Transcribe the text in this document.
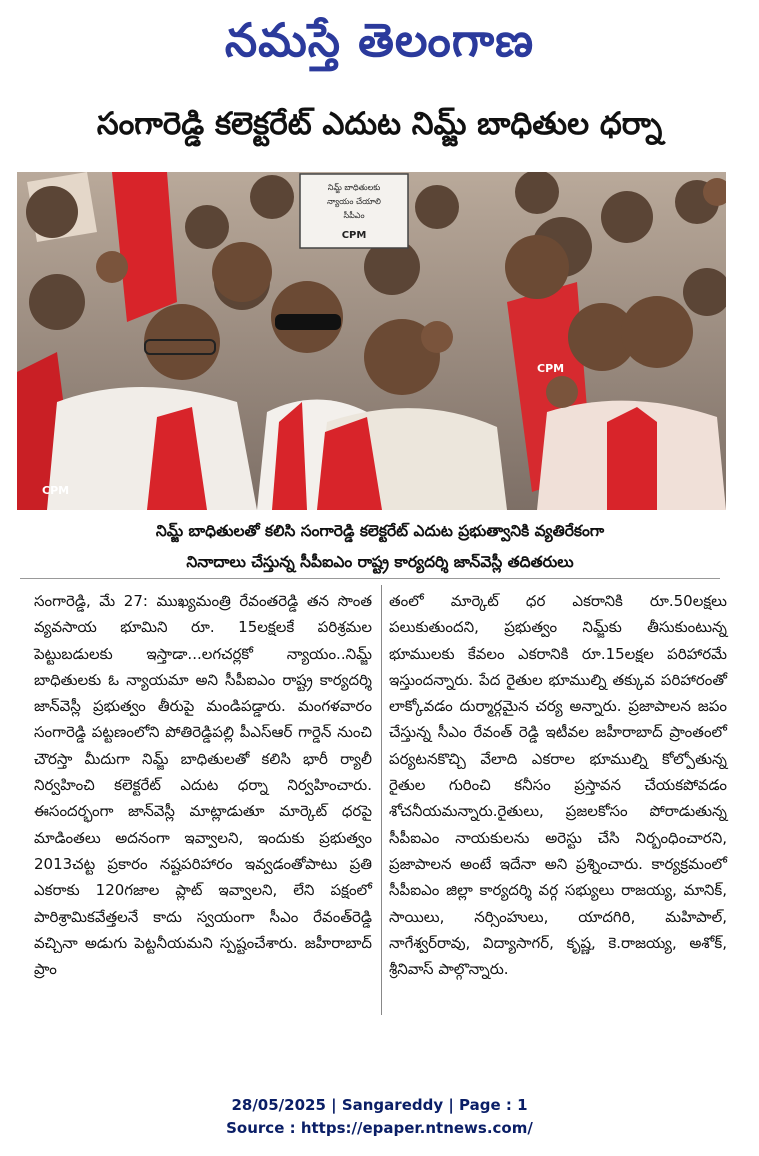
నమస్తే తెలంగాణ
సంగారెడ్డి కలెక్టరేట్ ఎదుట నిమ్జ్ బాధితుల ధర్నా
నిమ్జ్ బాధితులకు
న్యాయం చేయాలి
సీపీఎం
CPM
CPM
CPM
నిమ్జ్ బాధితులతో కలిసి సంగారెడ్డి కలెక్టరేట్ ఎదుట ప్రభుత్వానికి వ్యతిరేకంగా
నినాదాలు చేస్తున్న సీపీఐఎం రాష్ట్ర కార్యదర్శి జాన్‌వెస్లీ తదితరులు
సంగారెడ్డి, మే 27: ముఖ్యమంత్రి రేవంతరెడ్డి తన సొంత వ్యవసాయ భూమిని రూ. 15లక్షలకే పరిశ్రమల పెట్టుబడులకు ఇస్తాడా...లగచర్లకో న్యాయం..నిమ్జ్ బాధితులకు ఓ న్యాయమా అని సీపీఐఎం రాష్ట్ర కార్యదర్శి జాన్‌వెస్లీ ప్రభుత్వం తీరుపై మండిపడ్డారు. మంగళవారం సంగారెడ్డి పట్టణంలోని పోతిరెడ్డిపల్లి పీఎస్ఆర్ గార్డెన్ నుంచి చౌరస్తా మీదుగా నిమ్జ్ బాధితులతో కలిసి భారీ ర్యాలీ నిర్వహించి కలెక్టరేట్ ఎదుట ధర్నా నిర్వహించారు. ఈసందర్భంగా జాన్‌వెస్లీ మాట్లాడుతూ మార్కెట్ ధరపై మాడింతలు అదనంగా ఇవ్వాలని, ఇందుకు ప్రభుత్వం 2013చట్ట ప్రకారం నష్టపరిహారం ఇవ్వడంతోపాటు ప్రతి ఎకరాకు 120గజాల ప్లాట్ ఇవ్వాలని, లేని పక్షంలో పారిశ్రామికవేత్తలనే కాదు స్వయంగా సీఎం రేవంత్‌రెడ్డి వచ్చినా అడుగు పెట్టనీయమని స్పష్టంచేశారు. జహీరాబాద్ ప్రాం
తంలో మార్కెట్ ధర ఎకరానికి రూ.50లక్షలు పలుకుతుందని, ప్రభుత్వం నిమ్జ్‌కు తీసుకుంటున్న భూములకు కేవలం ఎకరానికి రూ.15లక్షల పరిహారమే ఇస్తుందన్నారు. పేద రైతుల భూముల్ని తక్కువ పరిహారంతో లాక్కోవడం దుర్మార్గమైన చర్య అన్నారు. ప్రజాపాలన జపం చేస్తున్న సీఎం రేవంత్ రెడ్డి ఇటీవల జహీరాబాద్ ప్రాంతంలో పర్యటనకొచ్చి వేలాది ఎకరాల భూముల్ని కోల్పోతున్న రైతుల గురించి కనీసం ప్రస్తావన చేయకపోవడం శోచనీయమన్నారు.రైతులు, ప్రజలకోసం పోరాడుతున్న సీపీఐఎం నాయకులను అరెస్టు చేసి నిర్బంధించారని, ప్రజాపాలన అంటే ఇదేనా అని ప్రశ్నించారు. కార్యక్రమంలో సీపీఐఎం జిల్లా కార్యదర్శి వర్గ సభ్యులు రాజయ్య, మానిక్, సాయిలు, నర్సింహులు, యాదగిరి, మహిపాల్, నాగేశ్వర్‌రావు, విద్యాసాగర్, కృష్ణ, కె.రాజయ్య, అశోక్, శ్రీనివాస్ పాల్గొన్నారు.
28/05/2025 | Sangareddy | Page : 1
Source : https://epaper.ntnews.com/
